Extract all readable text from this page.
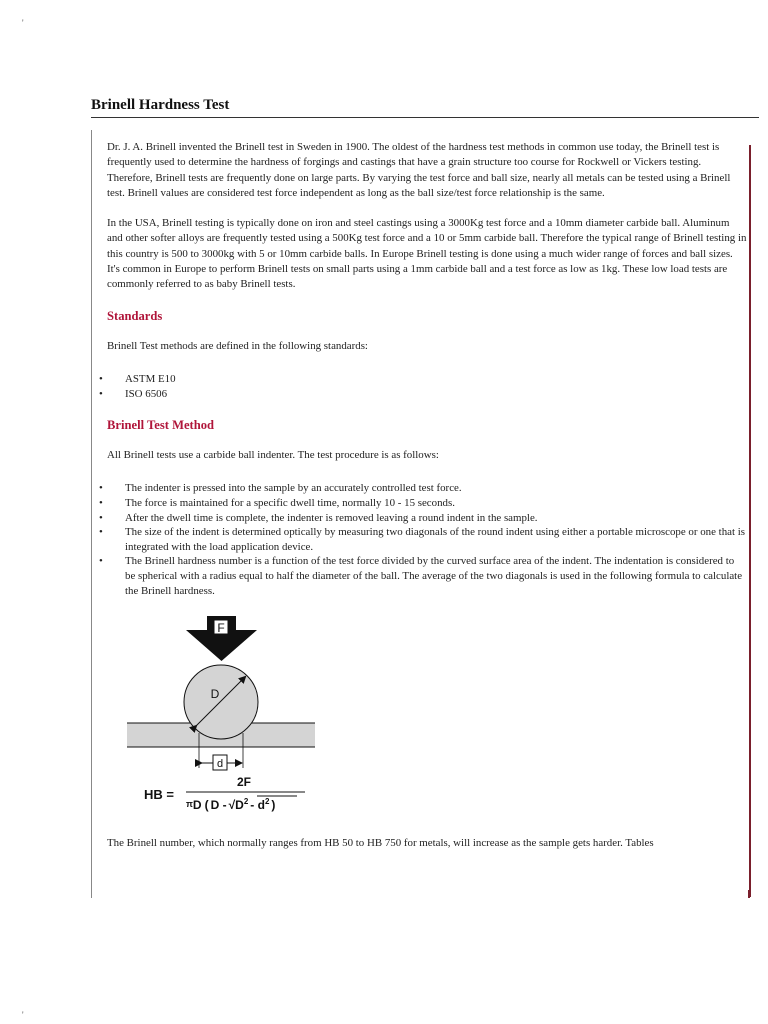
'
'
Brinell Hardness Test

Dr. J. A. Brinell invented the Brinell test in Sweden in 1900. The oldest of the hardness test methods in common use today, the Brinell test is frequently used to determine the hardness of forgings and castings that have a grain structure too course for Rockwell or Vickers testing. Therefore, Brinell tests are frequently done on large parts. By varying the test force and ball size, nearly all metals can be tested using a Brinell test. Brinell values are considered test force independent as long as the ball size/test force relationship is the same.

In the USA, Brinell testing is typically done on iron and steel castings using a 3000Kg test force and a 10mm diameter carbide ball. Aluminum and other softer alloys are frequently tested using a 500Kg test force and a 10 or 5mm carbide ball. Therefore the typical range of Brinell testing in this country is 500 to 3000kg with 5 or 10mm carbide balls. In Europe Brinell testing is done using a much wider range of forces and ball sizes. It's common in Europe to perform Brinell tests on small parts using a 1mm carbide ball and a test force as low as 1kg. These low load tests are commonly referred to as baby Brinell tests.

Standards

Brinell Test methods are defined in the following standards:

• ASTM E10
• ISO 6506
Brinell Test Method

All Brinell tests use a carbide ball indenter. The test procedure is as follows:

• The indenter is pressed into the sample by an accurately controlled test force.
• The force is maintained for a specific dwell time, normally 10 - 15 seconds.
• After the dwell time is complete, the indenter is removed leaving a round indent in the sample.
• The size of the indent is determined optically by measuring two diagonals of the round indent using either a portable microscope or one that is integrated with the load application device.
• The Brinell hardness number is a function of the test force divided by the curved surface area of the indent. The indentation is considered to be spherical with a radius equal to half the diameter of the ball. The average of the two diagonals is used in the following formula to calculate the Brinell hardness.
F
D
d
HB =
2F
πD ( D - $√D^2 - d^2$ )

The Brinell number, which normally ranges from HB 50 to HB 750 for metals, will increase as the sample gets harder. Tables
